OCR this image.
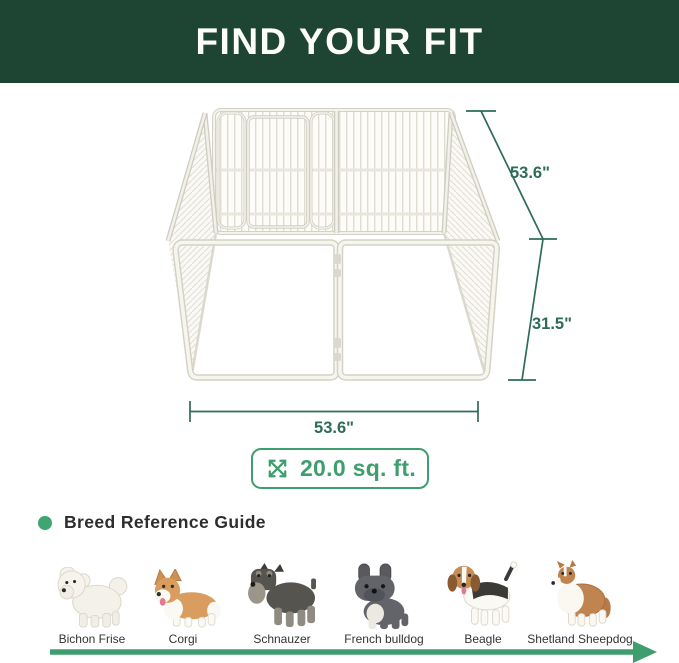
53.6"
31.5"
53.6"
FIND YOUR FIT
20.0 sq. ft.
Breed Reference Guide
Bichon Frise	Corgi	Schnauzer	French bulldog	Beagle Shetland Sheepdog
